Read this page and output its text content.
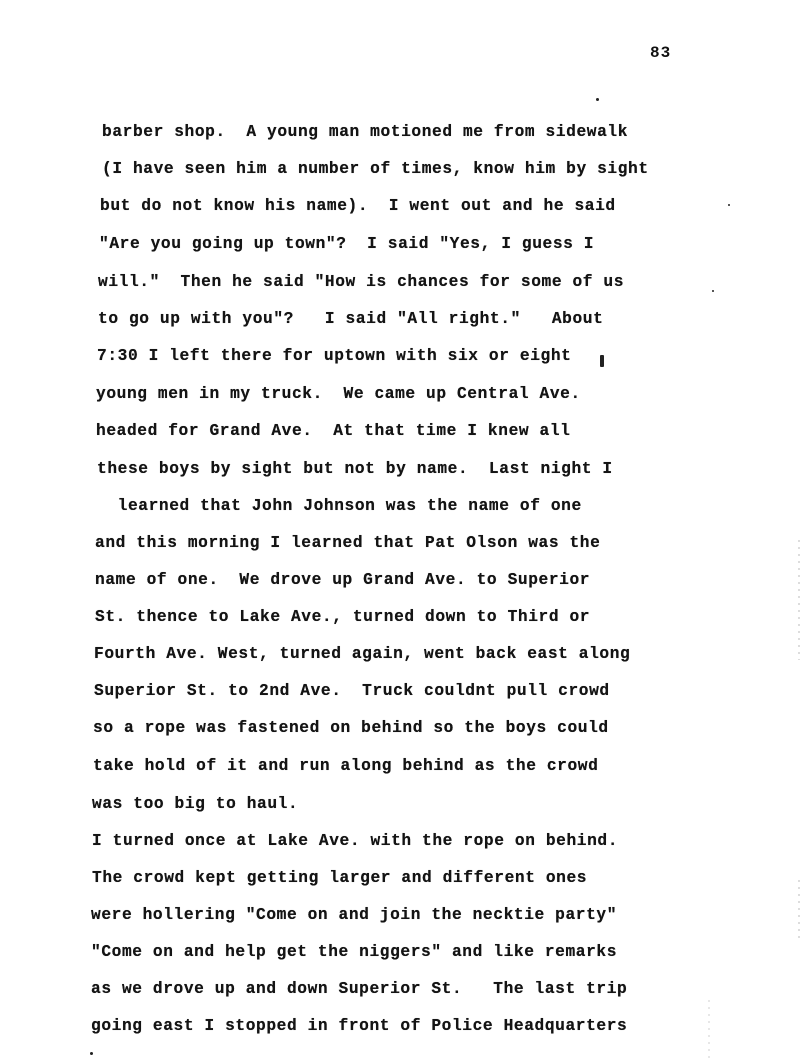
83
barber shop.  A young man motioned me from sidewalk
(I have seen him a number of times, know him by sight
but do not know his name).  I went out and he said
"Are you going up town"?  I said "Yes, I guess I
will."  Then he said "How is chances for some of us
to go up with you"?   I said "All right."   About
7:30 I left there for uptown with six or eight
young men in my truck.  We came up Central Ave.
headed for Grand Ave.  At that time I knew all
these boys by sight but not by name.  Last night I
learned that John Johnson was the name of one
and this morning I learned that Pat Olson was the
name of one.  We drove up Grand Ave. to Superior
St. thence to Lake Ave., turned down to Third or
Fourth Ave. West, turned again, went back east along
Superior St. to 2nd Ave.  Truck couldnt pull crowd
so a rope was fastened on behind so the boys could
take hold of it and run along behind as the crowd
was too big to haul.
I turned once at Lake Ave. with the rope on behind.
The crowd kept getting larger and different ones
were hollering "Come on and join the necktie party"
"Come on and help get the niggers" and like remarks
as we drove up and down Superior St.   The last trip
going east I stopped in front of Police Headquarters
